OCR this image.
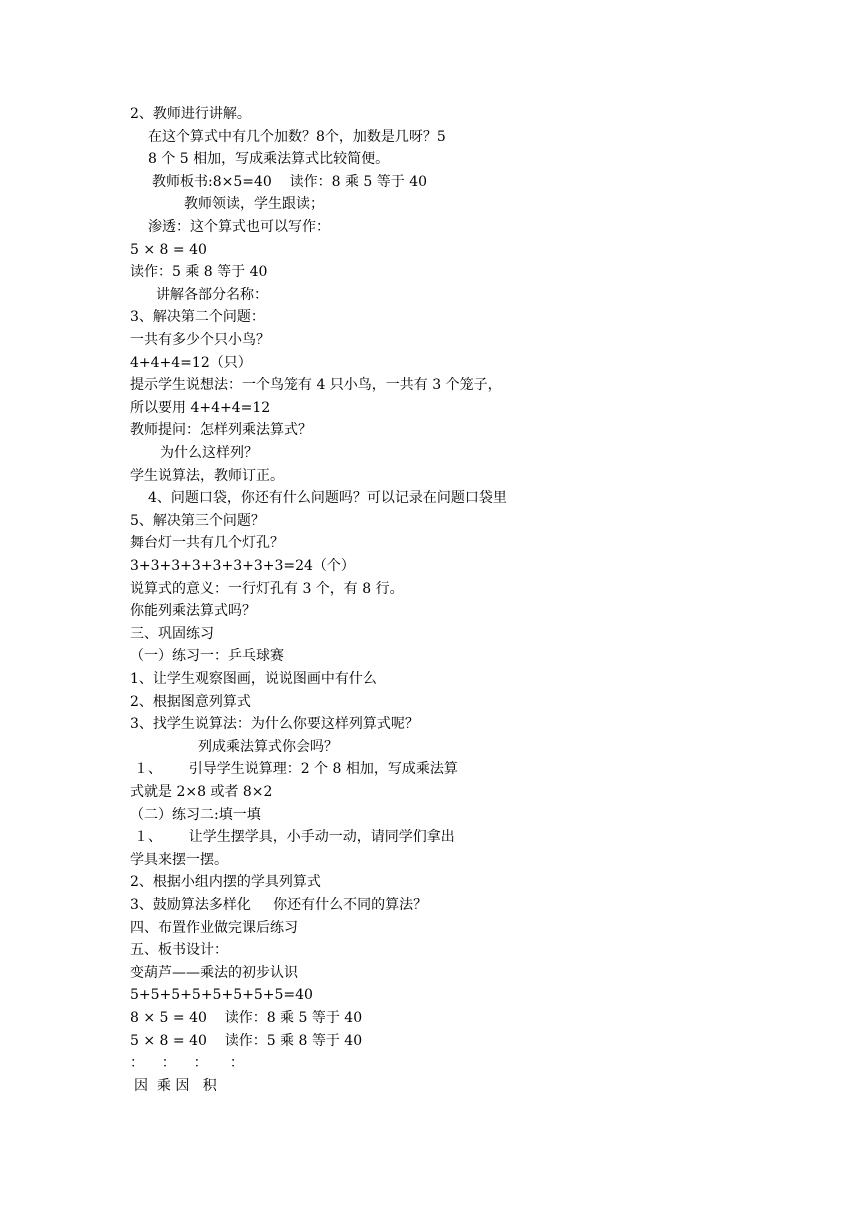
2、教师进行讲解。
在这个算式中有几个加数？8个，加数是几呀？5
8 个 5 相加，写成乘法算式比较简便。
教师板书:8×5=40    读作：8 乘 5 等于 40
教师领读，学生跟读；
渗透：这个算式也可以写作：
5 × 8 = 40
读作：5 乘 8 等于 40
讲解各部分名称：
3、解决第二个问题：
一共有多少个只小鸟？
4+4+4=12（只）
提示学生说想法：一个鸟笼有 4 只小鸟，一共有 3 个笼子，
所以要用 4+4+4=12
教师提问：怎样列乘法算式？
为什么这样列？
学生说算法，教师订正。
4、问题口袋，你还有什么问题吗？可以记录在问题口袋里
5、解决第三个问题？
舞台灯一共有几个灯孔？
3+3+3+3+3+3+3+3=24（个）
说算式的意义：一行灯孔有 3 个，有 8 行。
你能列乘法算式吗？
三、巩固练习
（一）练习一：乒乓球赛
1、让学生观察图画，说说图画中有什么
2、根据图意列算式
3、找学生说算法：为什么你要这样列算式呢？
列成乘法算式你会吗？
１、      引导学生说算理：2 个 8 相加，写成乘法算
式就是 2×8 或者 8×2
（二）练习二:填一填
１、      让学生摆学具，小手动一动，请同学们拿出
学具来摆一摆。
2、根据小组内摆的学具列算式
3、鼓励算法多样化     你还有什么不同的算法？
四、布置作业做完课后练习
五、板书设计：
变葫芦——乘法的初步认识
5+5+5+5+5+5+5+5=40
8 × 5 = 40    读作：8 乘 5 等于 40
5 × 8 = 40    读作：5 乘 8 等于 40
：    ：    ：     ：
因  乘 因   积
